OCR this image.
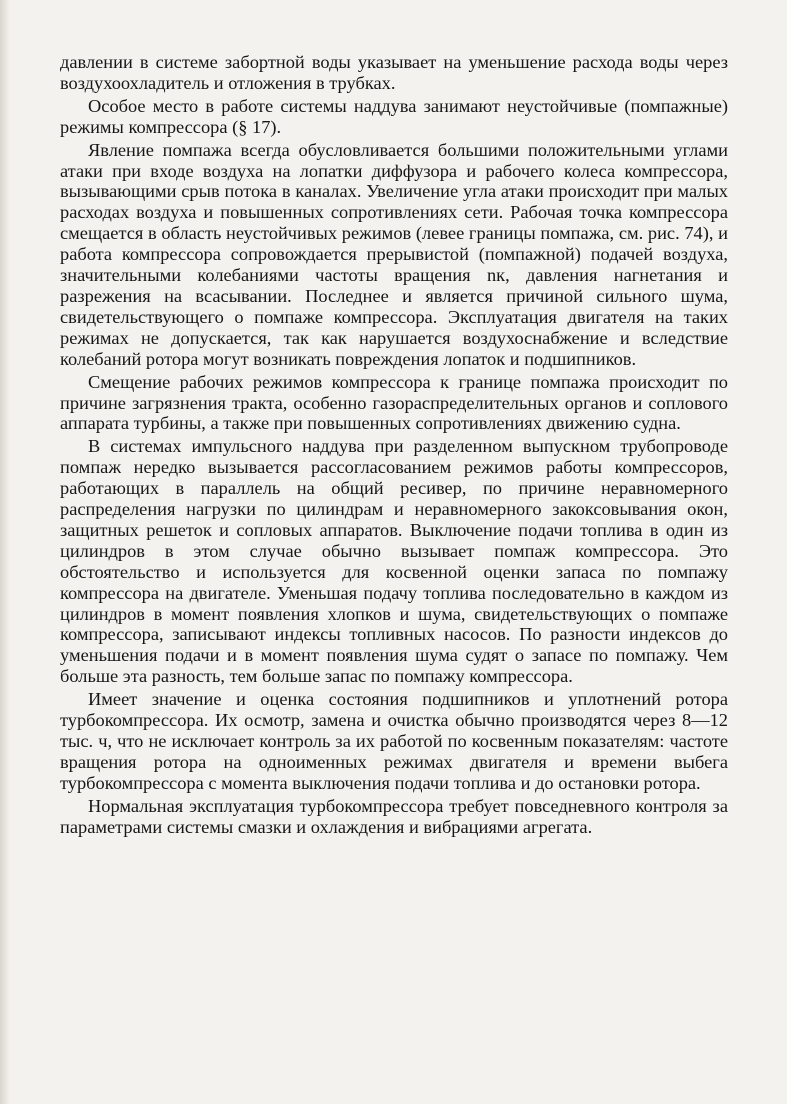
давлении в системе забортной воды указывает на уменьшение расхода воды через воздухоохладитель и отложения в трубках.

Особое место в работе системы наддува занимают неустойчивые (помпажные) режимы компрессора (§ 17).

Явление помпажа всегда обусловливается большими положительными углами атаки при входе воздуха на лопатки диффузора и рабочего колеса компрессора, вызывающими срыв потока в каналах. Увеличение угла атаки происходит при малых расходах воздуха и повышенных сопротивлениях сети. Рабочая точка компрессора смещается в область неустойчивых режимов (левее границы помпажа, см. рис. 74), и работа компрессора сопровождается прерывистой (помпажной) подачей воздуха, значительными колебаниями частоты вращения nк, давления нагнетания и разрежения на всасывании. Последнее и является причиной сильного шума, свидетельствующего о помпаже компрессора. Эксплуатация двигателя на таких режимах не допускается, так как нарушается воздухоснабжение и вследствие колебаний ротора могут возникать повреждения лопаток и подшипников.

Смещение рабочих режимов компрессора к границе помпажа происходит по причине загрязнения тракта, особенно газораспределительных органов и соплового аппарата турбины, а также при повышенных сопротивлениях движению судна.

В системах импульсного наддува при разделенном выпускном трубопроводе помпаж нередко вызывается рассогласованием режимов работы компрессоров, работающих в параллель на общий ресивер, по причине неравномерного распределения нагрузки по цилиндрам и неравномерного закоксовывания окон, защитных решеток и сопловых аппаратов. Выключение подачи топлива в один из цилиндров в этом случае обычно вызывает помпаж компрессора. Это обстоятельство и используется для косвенной оценки запаса по помпажу компрессора на двигателе. Уменьшая подачу топлива последовательно в каждом из цилиндров в момент появления хлопков и шума, свидетельствующих о помпаже компрессора, записывают индексы топливных насосов. По разности индексов до уменьшения подачи и в момент появления шума судят о запасе по помпажу. Чем больше эта разность, тем больше запас по помпажу компрессора.

Имеет значение и оценка состояния подшипников и уплотнений ротора турбокомпрессора. Их осмотр, замена и очистка обычно производятся через 8—12 тыс. ч, что не исключает контроль за их работой по косвенным показателям: частоте вращения ротора на одноименных режимах двигателя и времени выбега турбокомпрессора с момента выключения подачи топлива и до остановки ротора.

Нормальная эксплуатация турбокомпрессора требует повседневного контроля за параметрами системы смазки и охлаждения и вибрациями агрегата.
